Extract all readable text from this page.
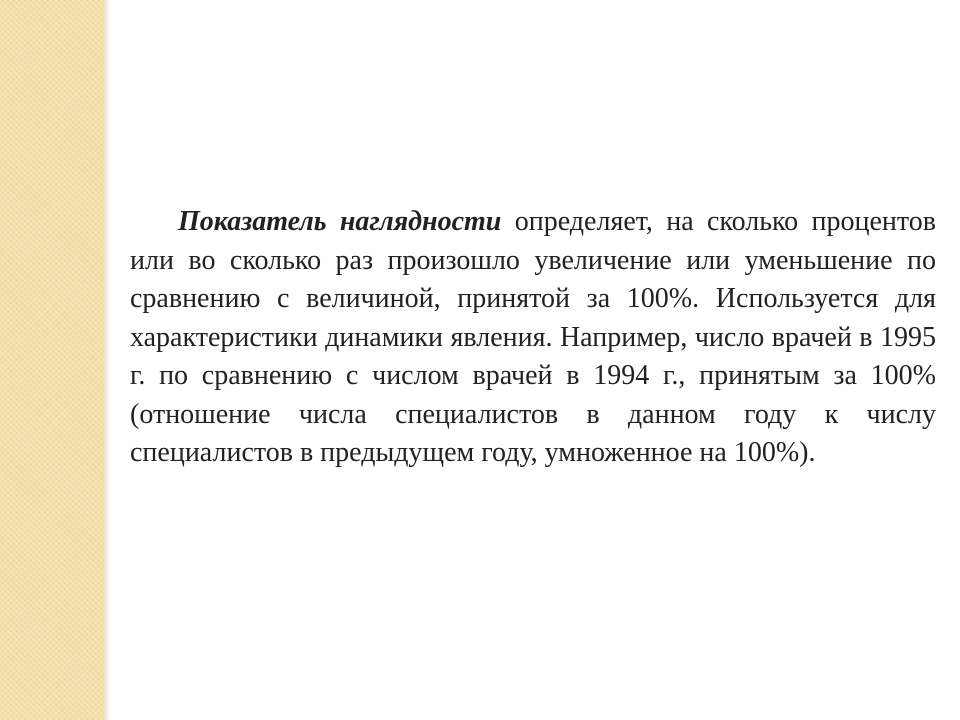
Показатель наглядности определяет, на сколько процентов или во сколько раз произошло увеличение или уменьшение по сравнению с величиной, принятой за 100%. Используется для характеристики динамики явления. Например, число врачей в 1995 г. по сравнению с числом врачей в 1994 г., принятым за 100% (отношение числа специалистов в данном году к числу специалистов в предыдущем году, умноженное на 100%).
